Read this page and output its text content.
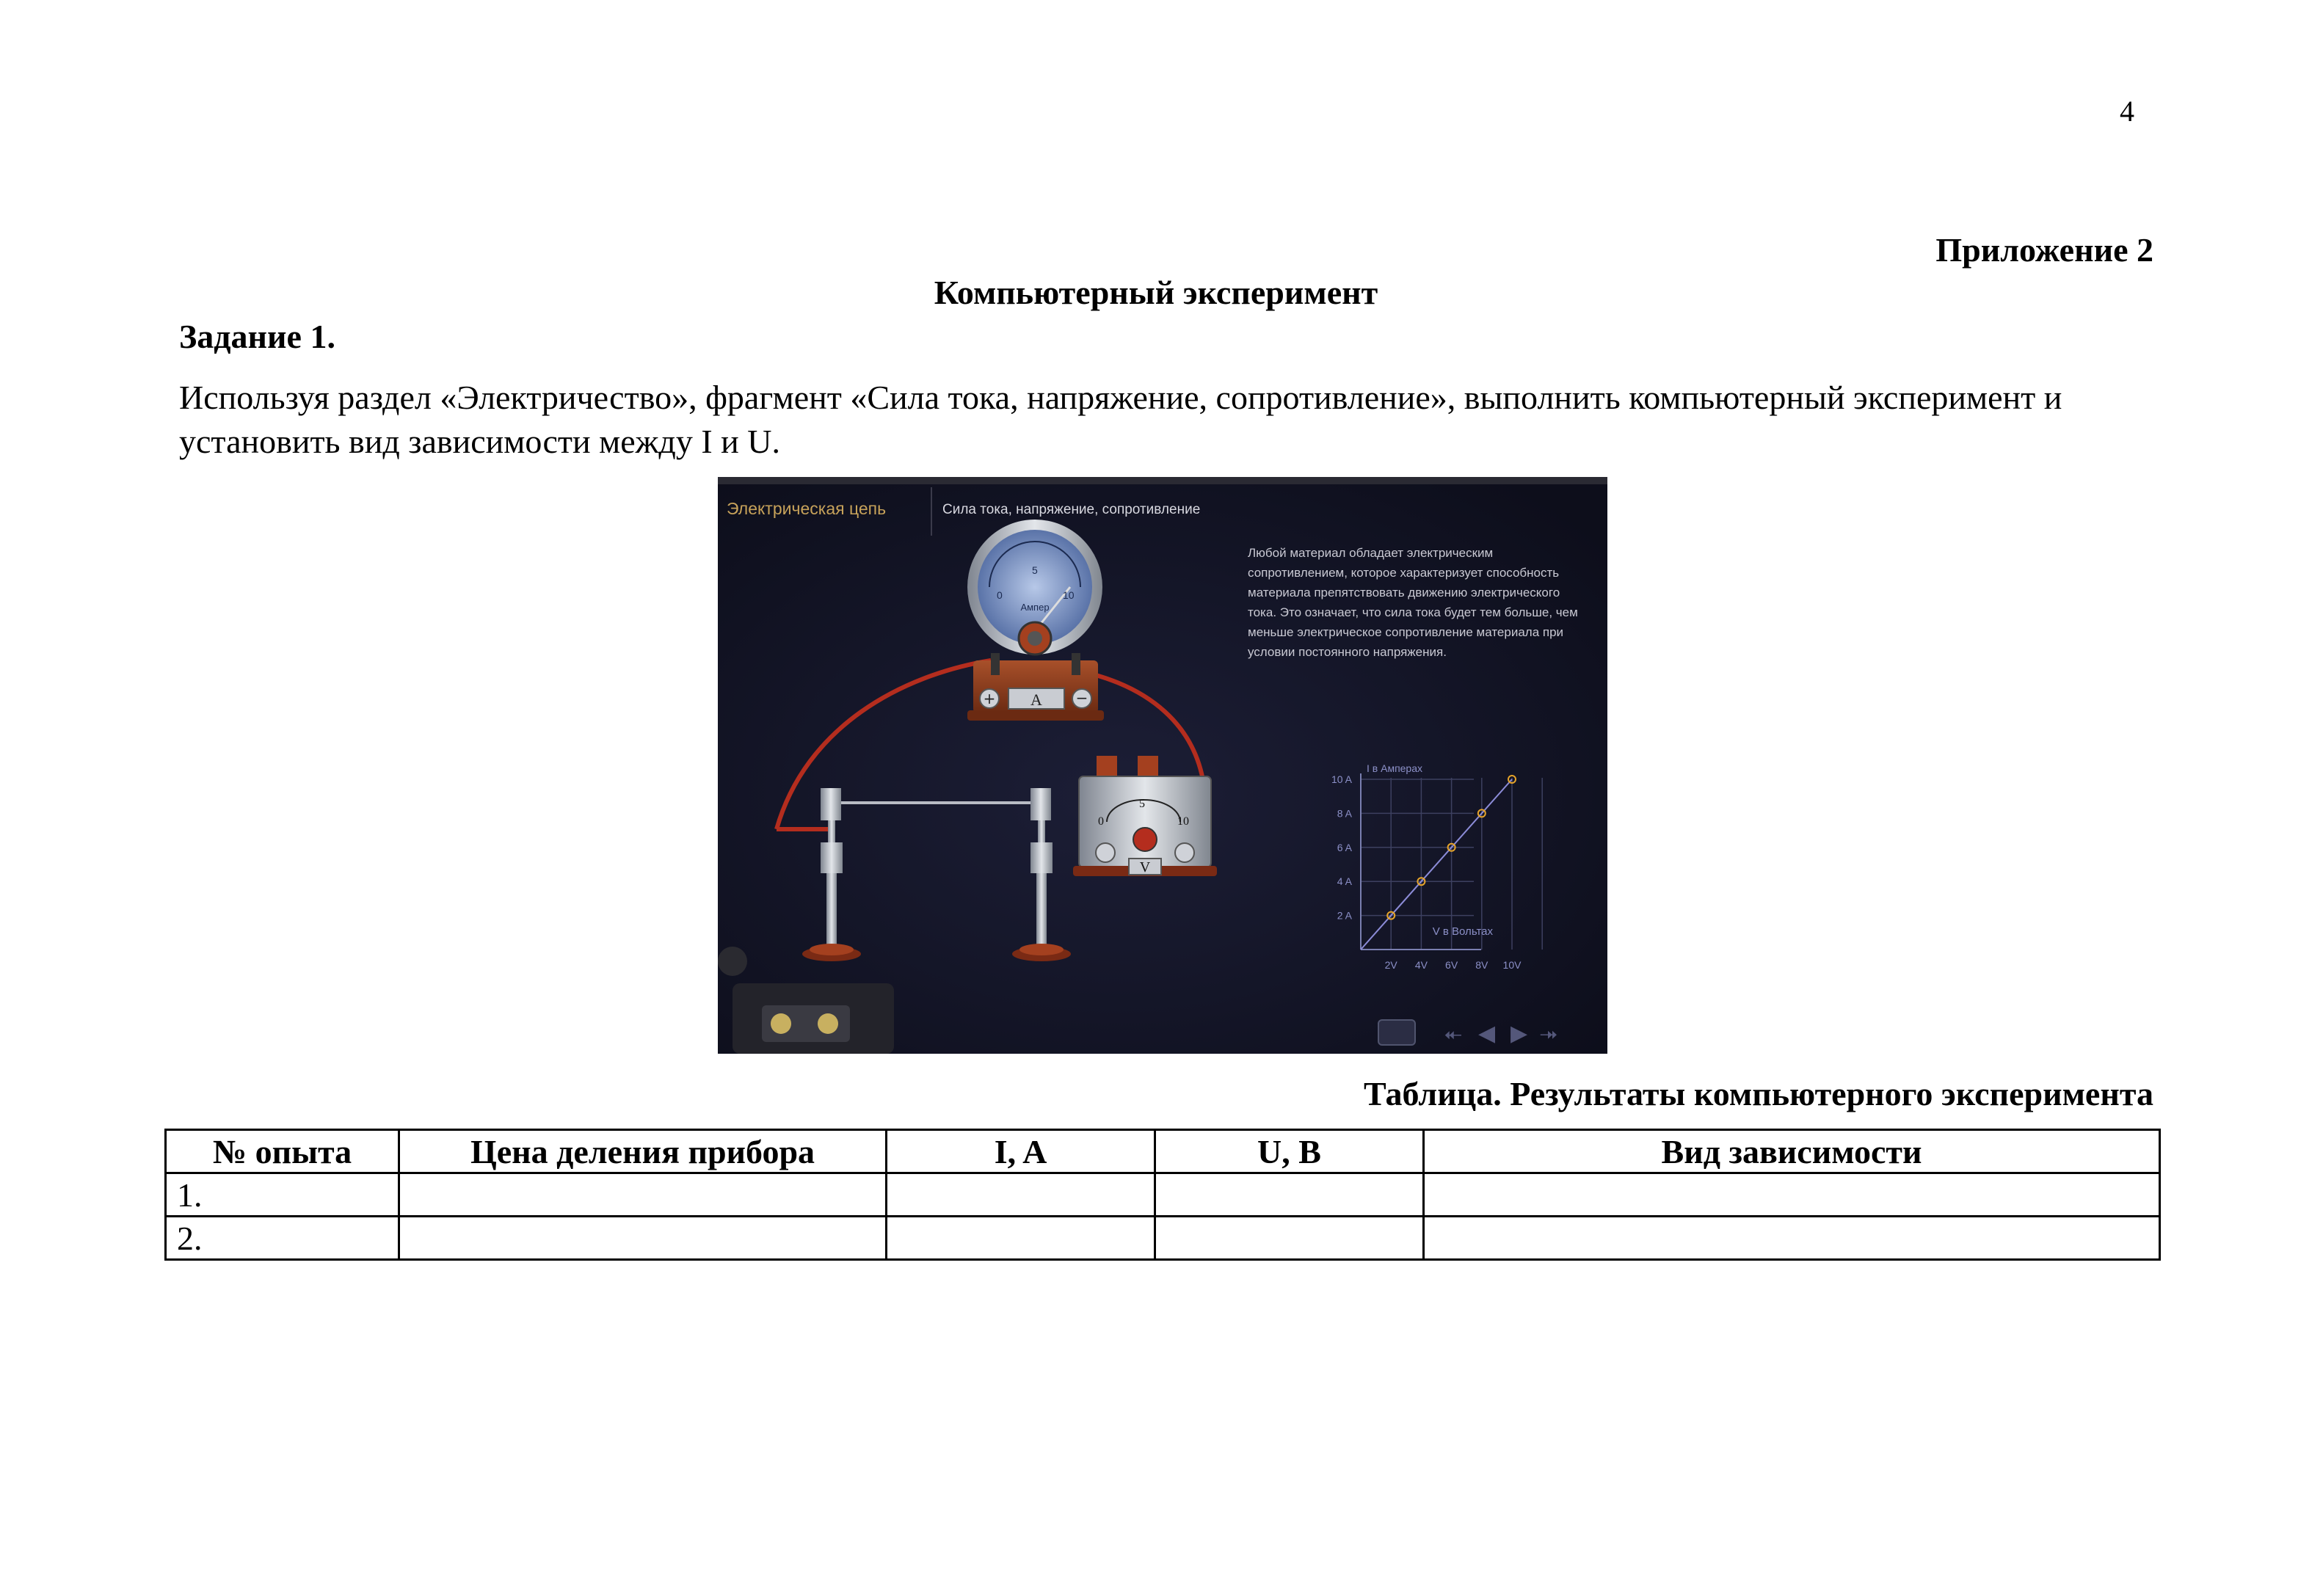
4
Приложение 2
Компьютерный эксперимент
Задание 1.
Используя раздел «Электричество», фрагмент «Сила тока, напряжение, сопротивление», выполнить компьютерный эксперимент и установить вид зависимости между I и U.
+	−
A
0
5
10
Ампер
0
5
10
V
I в Амперах
V в Вольтах
10 A
8 A
6 A
4 A
2 A
2V 4V 6V 8V 10V
⯬ ◀ ▶ ⯮
Электрическая цепь	Сила тока, напряжение, сопротивление
Любой материал обладает электрическим сопротивлением, которое характеризует способность материала препятствовать движению электрического тока. Это означает, что сила тока будет тем больше, чем меньше электрическое сопротивление материала при условии постоянного напряжения.
Таблица. Результаты компьютерного эксперимента
№ опыта	Цена деления прибора	I, A	U, B	Вид зависимости
1.				
2.				
